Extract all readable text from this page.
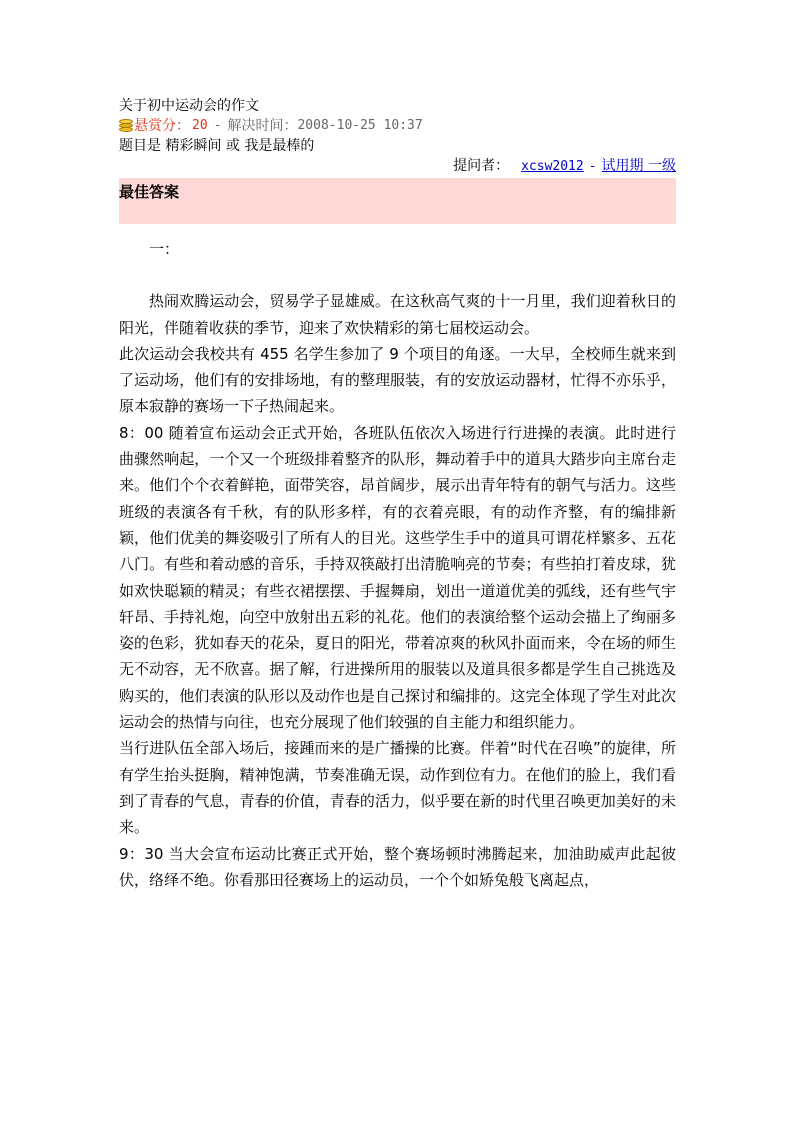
关于初中运动会的作文
悬赏分： 20 - 解决时间： 2008-10-25 10:37
题目是 精彩瞬间 或 我是最棒的
提问者： xcsw2012 - 试用期 一级
最佳答案

一：

热闹欢腾运动会，贸易学子显雄威。在这秋高气爽的十一月里，我们迎着秋日的阳光，伴随着收获的季节，迎来了欢快精彩的第七届校运动会。

此次运动会我校共有 455 名学生参加了 9 个项目的角逐。一大早，全校师生就来到了运动场，他们有的安排场地，有的整理服装，有的安放运动器材，忙得不亦乐乎，原本寂静的赛场一下子热闹起来。

8：00 随着宣布运动会正式开始，各班队伍依次入场进行行进操的表演。此时进行曲骤然响起，一个又一个班级排着整齐的队形，舞动着手中的道具大踏步向主席台走来。他们个个衣着鲜艳，面带笑容，昂首阔步，展示出青年特有的朝气与活力。这些班级的表演各有千秋，有的队形多样，有的衣着亮眼，有的动作齐整，有的编排新颖，他们优美的舞姿吸引了所有人的目光。这些学生手中的道具可谓花样繁多、五花八门。有些和着动感的音乐，手持双筷敲打出清脆响亮的节奏；有些拍打着皮球，犹如欢快聪颖的精灵；有些衣裙摆摆、手握舞扇，划出一道道优美的弧线，还有些气宇轩昂、手持礼炮，向空中放射出五彩的礼花。他们的表演给整个运动会描上了绚丽多姿的色彩，犹如春天的花朵，夏日的阳光，带着凉爽的秋风扑面而来，令在场的师生无不动容，无不欣喜。据了解，行进操所用的服装以及道具很多都是学生自己挑选及购买的，他们表演的队形以及动作也是自己探讨和编排的。这完全体现了学生对此次运动会的热情与向往，也充分展现了他们较强的自主能力和组织能力。

当行进队伍全部入场后，接踵而来的是广播操的比赛。伴着“时代在召唤”的旋律，所有学生抬头挺胸，精神饱满，节奏准确无误，动作到位有力。在他们的脸上，我们看到了青春的气息，青春的价值，青春的活力，似乎要在新的时代里召唤更加美好的未来。

9：30 当大会宣布运动比赛正式开始，整个赛场顿时沸腾起来，加油助威声此起彼伏，络绎不绝。你看那田径赛场上的运动员，一个个如矫兔般飞离起点，
